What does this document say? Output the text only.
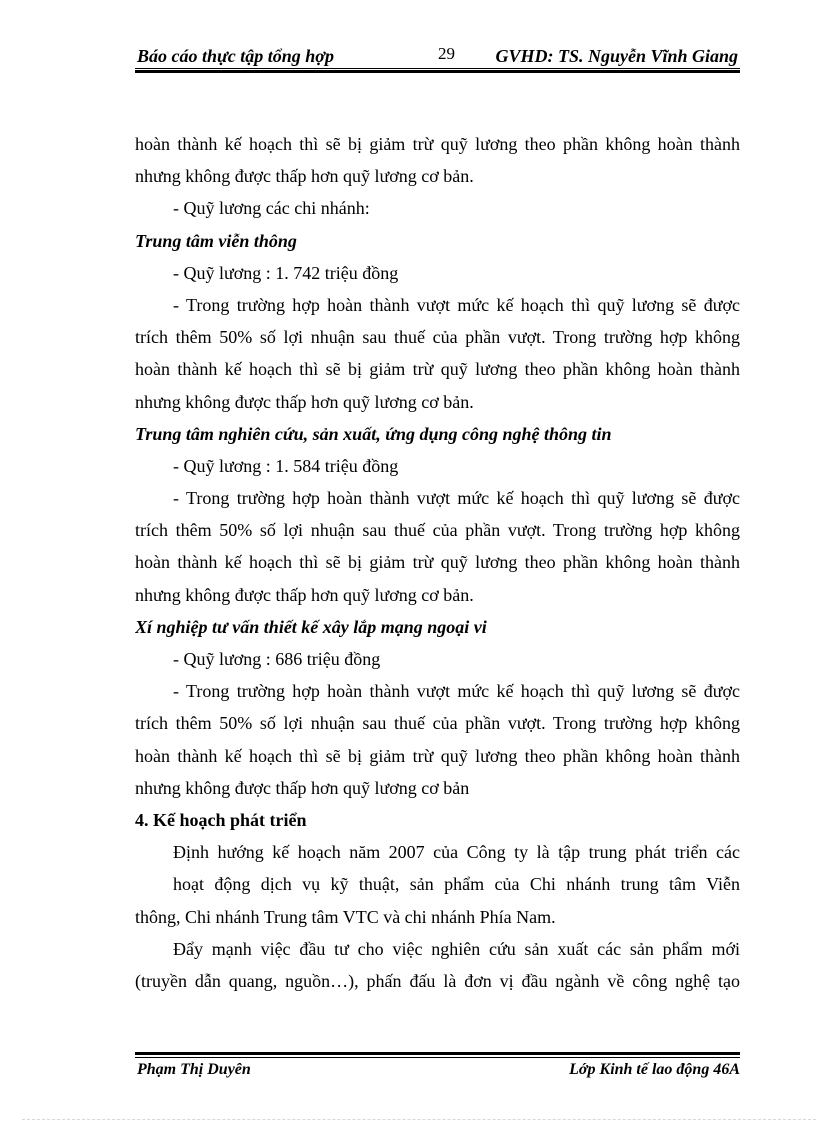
Báo cáo thực tập tổng hợp	29 GVHD: TS. Nguyễn Vĩnh Giang
hoàn thành kế hoạch thì sẽ bị giảm trừ quỹ lương theo phần không hoàn thành
nhưng không được thấp hơn quỹ lương cơ bản.
- Quỹ lương các chi nhánh:
Trung tâm viễn thông
- Quỹ lương : 1. 742 triệu đồng
- Trong trường hợp hoàn thành vượt mức kế hoạch thì quỹ lương sẽ được
trích thêm 50% số lợi nhuận sau thuế của phần vượt. Trong trường hợp không
hoàn thành kế hoạch thì sẽ bị giảm trừ quỹ lương theo phần không hoàn thành
nhưng không được thấp hơn quỹ lương cơ bản.
Trung tâm nghiên cứu, sản xuất, ứng dụng công nghệ thông tin
- Quỹ lương : 1. 584 triệu đồng
- Trong trường hợp hoàn thành vượt mức kế hoạch thì quỹ lương sẽ được
trích thêm 50% số lợi nhuận sau thuế của phần vượt. Trong trường hợp không
hoàn thành kế hoạch thì sẽ bị giảm trừ quỹ lương theo phần không hoàn thành
nhưng không được thấp hơn quỹ lương cơ bản.
Xí nghiệp tư vấn thiết kế xây lắp mạng ngoại vi
- Quỹ lương : 686 triệu đồng
- Trong trường hợp hoàn thành vượt mức kế hoạch thì quỹ lương sẽ được
trích thêm 50% số lợi nhuận sau thuế của phần vượt. Trong trường hợp không
hoàn thành kế hoạch thì sẽ bị giảm trừ quỹ lương theo phần không hoàn thành
nhưng không được thấp hơn quỹ lương cơ bản
4. Kế hoạch phát triển
Định hướng kế hoạch năm 2007 của Công ty là tập trung phát triển các
hoạt động dịch vụ kỹ thuật, sản phẩm của Chi nhánh trung tâm Viễn
thông, Chi nhánh Trung tâm VTC và chi nhánh Phía Nam.
Đẩy mạnh việc đầu tư cho việc nghiên cứu sản xuất các sản phẩm mới
(truyền dẫn quang, nguồn…), phấn đấu là đơn vị đầu ngành về công nghệ tạo
Phạm Thị Duyên	Lớp Kinh tế lao động 46A
